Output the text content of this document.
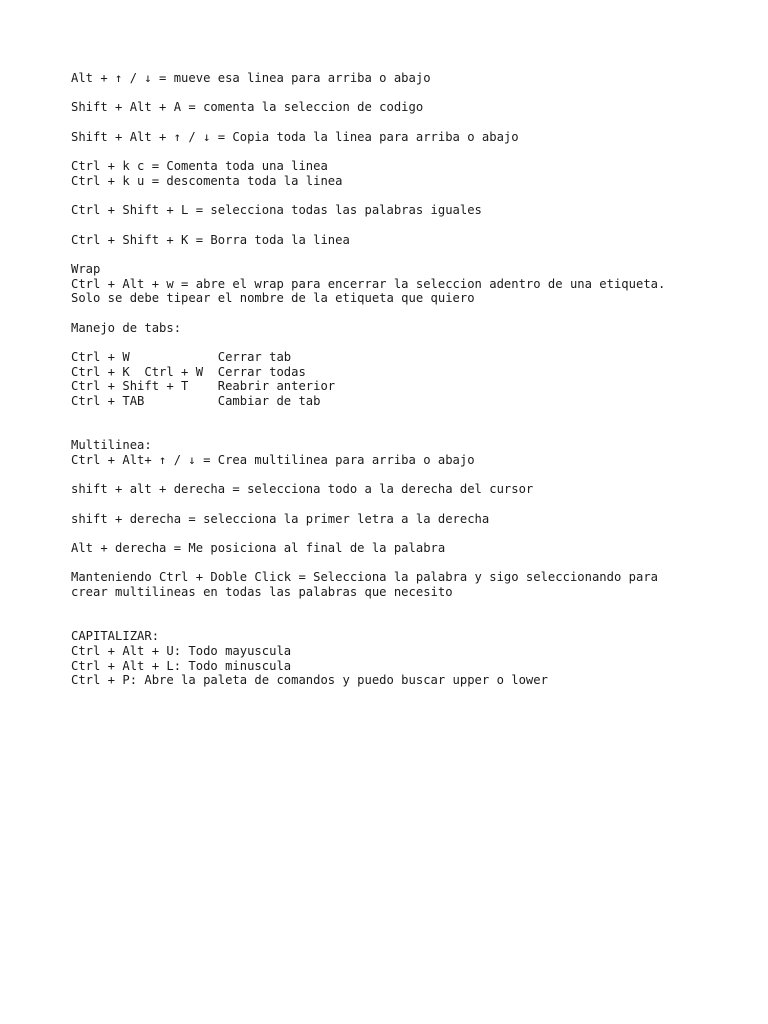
Alt + ↑ / ↓ = mueve esa linea para arriba o abajo
Shift + Alt + A = comenta la seleccion de codigo
Shift + Alt + ↑ / ↓ = Copia toda la linea para arriba o abajo
Ctrl + k c = Comenta toda una linea
Ctrl + k u = descomenta toda la linea
Ctrl + Shift + L = selecciona todas las palabras iguales
Ctrl + Shift + K = Borra toda la linea
Wrap
Ctrl + Alt + w = abre el wrap para encerrar la seleccion adentro de una etiqueta.
Solo se debe tipear el nombre de la etiqueta que quiero
Manejo de tabs:
Ctrl + W            Cerrar tab
Ctrl + K  Ctrl + W  Cerrar todas
Ctrl + Shift + T    Reabrir anterior
Ctrl + TAB          Cambiar de tab
Multilinea:
Ctrl + Alt+ ↑ / ↓ = Crea multilinea para arriba o abajo
shift + alt + derecha = selecciona todo a la derecha del cursor
shift + derecha = selecciona la primer letra a la derecha
Alt + derecha = Me posiciona al final de la palabra
Manteniendo Ctrl + Doble Click = Selecciona la palabra y sigo seleccionando para
crear multilineas en todas las palabras que necesito
CAPITALIZAR:
Ctrl + Alt + U: Todo mayuscula
Ctrl + Alt + L: Todo minuscula
Ctrl + P: Abre la paleta de comandos y puedo buscar upper o lower
